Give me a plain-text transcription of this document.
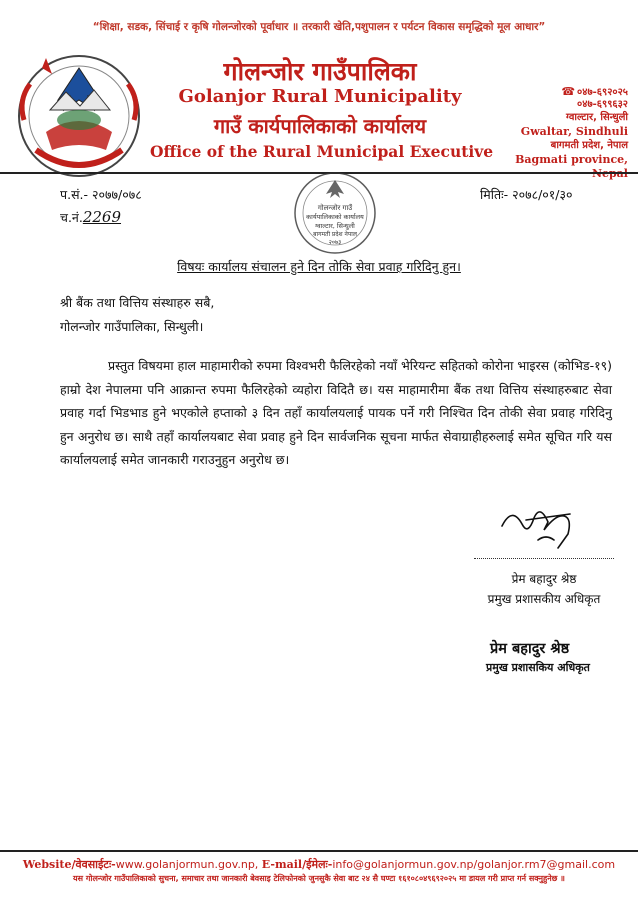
“शिक्षा, सडक, सिंचाई र कृषि गोलन्जोरको पूर्वाधार ॥ तरकारी खेति,पशुपालन र पर्यटन विकास समृद्धिको मूल आधार”
गोलन्जोर गाउँपालिका
Golanjor Rural Municipality
गाउँ कार्यपालिकाको कार्यालय
Office of the Rural Municipal Executive
☎ ०४७-६९२०२५
०४७-६९९६३२
ग्वाल्टार, सिन्धुली
Gwaltar, Sindhuli
बागमती प्रदेश, नेपाल
Bagmati province,
प.सं.- २०७७/०७८
च.नं.2269
मितिः- २०७८/०१/३०
गोलन्जोर गाउँ
कार्यपालिकाको कार्यालय
ग्वाल्टार, सिन्धुली
बागमती प्रदेश नेपाल
२०७३
विषयः कार्यालय संचालन हुने दिन तोकि सेवा प्रवाह गरिदिनु हुन।
श्री बैंक तथा वित्तिय संस्थाहरु सबै,
गोलन्जोर गाउँपालिका, सिन्धुली।
प्रस्तुत विषयमा हाल माहामारीको रुपमा विश्वभरी फैलिरहेको नयाँ भेरियन्ट सहितको कोरोना भाइरस (कोभिड-१९) हाम्रो देश नेपालमा पनि आक्रान्त रुपमा फैलिरहेको व्यहोरा विदितै छ। यस माहामारीमा बैंक तथा वित्तिय संस्थाहरुबाट सेवा प्रवाह गर्दा भिडभाड हुने भएकोले हप्ताको ३ दिन तहाँ कार्यालयलाई पायक पर्ने गरी निश्चित दिन तोकी सेवा प्रवाह गरिदिनु हुन अनुरोध छ। साथै तहाँ कार्यालयबाट सेवा प्रवाह हुने दिन सार्वजनिक सूचना मार्फत सेवाग्राहीहरुलाई समेत सूचित गरि यस कार्यालयलाई समेत जानकारी गराउनुहुन अनुरोध छ।
प्रेम बहादुर श्रेष्ठ
प्रमुख प्रशासकीय अधिकृत
प्रेम बहादुर श्रेष्ठ
प्रमुख प्रशासकिय अधिकृत
Website/वेवसाईटः-www.golanjormun.gov.np, E-mail/ईमेलः-info@golanjormun.gov.np/golanjor.rm7@gmail.com
यस गोलन्जोर गाउँपालिकाको सुचना, समाचार तथा जानकारी बेवसाइ टेलिफोनको जुनसुकै सेवा बाट २४ सै घण्टा १६१०८०४९६९२०२५ मा डायल गरी प्राप्त गर्न सक्नुहुनेछ ॥
